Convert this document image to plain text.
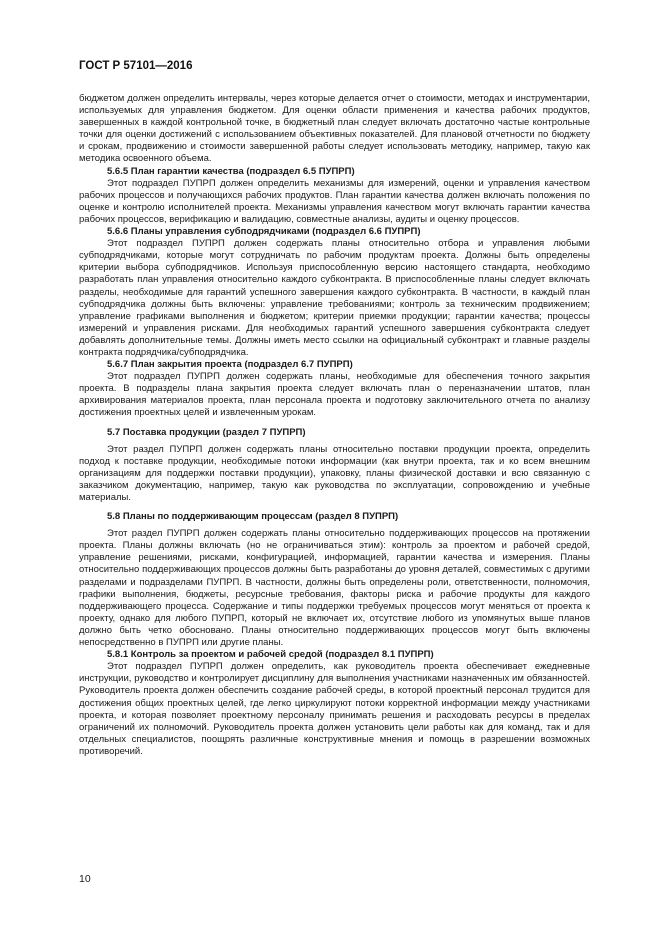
ГОСТ Р 57101—2016

бюджетом должен определить интервалы, через которые делается отчет о стоимости, методах и инструментарии, используемых для управления бюджетом. Для оценки области применения и качества рабочих продуктов, завершенных в каждой контрольной точке, в бюджетный план следует включать достаточно частые контрольные точки для оценки достижений с использованием объективных показателей. Для плановой отчетности по бюджету и срокам, продвижению и стоимости завершенной работы следует использовать методику, например, такую как методика освоенного объема.

5.6.5 План гарантии качества (подраздел 6.5 ПУПРП)

Этот подраздел ПУПРП должен определить механизмы для измерений, оценки и управления качеством рабочих процессов и получающихся рабочих продуктов. План гарантии качества должен включать положения по оценке и контролю исполнителей проекта. Механизмы управления качеством могут включать гарантии качества рабочих процессов, верификацию и валидацию, совместные анализы, аудиты и оценку процессов.

5.6.6 Планы управления субподрядчиками (подраздел 6.6 ПУПРП)

Этот подраздел ПУПРП должен содержать планы относительно отбора и управления любыми субподрядчиками, которые могут сотрудничать по рабочим продуктам проекта. Должны быть определены критерии выбора субподрядчиков. Используя приспособленную версию настоящего стандарта, необходимо разработать план управления относительно каждого субконтракта. В приспособленные планы следует включать разделы, необходимые для гарантий успешного завершения каждого субконтракта. В частности, в каждый план субподрядчика должны быть включены: управление требованиями; контроль за техническим продвижением; управление графиками выполнения и бюджетом; критерии приемки продукции; гарантии качества; процессы измерений и управления рисками. Для необходимых гарантий успешного завершения субконтракта следует добавлять дополнительные темы. Должны иметь место ссылки на официальный субконтракт и главные разделы контракта подрядчика/субподрядчика.

5.6.7 План закрытия проекта (подраздел 6.7 ПУПРП)

Этот подраздел ПУПРП должен содержать планы, необходимые для обеспечения точного закрытия проекта. В подразделы плана закрытия проекта следует включать план о переназначении штатов, план архивирования материалов проекта, план персонала проекта и подготовку заключительного отчета по анализу достижения проектных целей и извлеченным урокам.

5.7 Поставка продукции (раздел 7 ПУПРП)

Этот раздел ПУПРП должен содержать планы относительно поставки продукции проекта, определить подход к поставке продукции, необходимые потоки информации (как внутри проекта, так и ко всем внешним организациям для поддержки поставки продукции), упаковку, планы физической доставки и всю связанную с заказчиком документацию, например, такую как руководства по эксплуатации, сопровождению и учебные материалы.

5.8 Планы по поддерживающим процессам (раздел 8 ПУПРП)

Этот раздел ПУПРП должен содержать планы относительно поддерживающих процессов на протяжении проекта. Планы должны включать (но не ограничиваться этим): контроль за проектом и рабочей средой, управление решениями, рисками, конфигурацией, информацией, гарантии качества и измерения. Планы относительно поддерживающих процессов должны быть разработаны до уровня деталей, совместимых с другими разделами и подразделами ПУПРП. В частности, должны быть определены роли, ответственности, полномочия, графики выполнения, бюджеты, ресурсные требования, факторы риска и рабочие продукты для каждого поддерживающего процесса. Содержание и типы поддержки требуемых процессов могут меняться от проекта к проекту, однако для любого ПУПРП, который не включает их, отсутствие любого из упомянутых выше планов должно быть четко обосновано. Планы относительно поддерживающих процессов могут быть включены непосредственно в ПУПРП или другие планы.

5.8.1 Контроль за проектом и рабочей средой (подраздел 8.1 ПУПРП)

Этот подраздел ПУПРП должен определить, как руководитель проекта обеспечивает ежедневные инструкции, руководство и контролирует дисциплину для выполнения участниками назначенных им обязанностей. Руководитель проекта должен обеспечить создание рабочей среды, в которой проектный персонал трудится для достижения общих проектных целей, где легко циркулируют потоки корректной информации между участниками проекта, и которая позволяет проектному персоналу принимать решения и расходовать ресурсы в пределах ограничений их полномочий. Руководитель проекта должен установить цели работы как для команд, так и для отдельных специалистов, поощрять различные конструктивные мнения и помощь в разрешении возможных противоречий.

10
